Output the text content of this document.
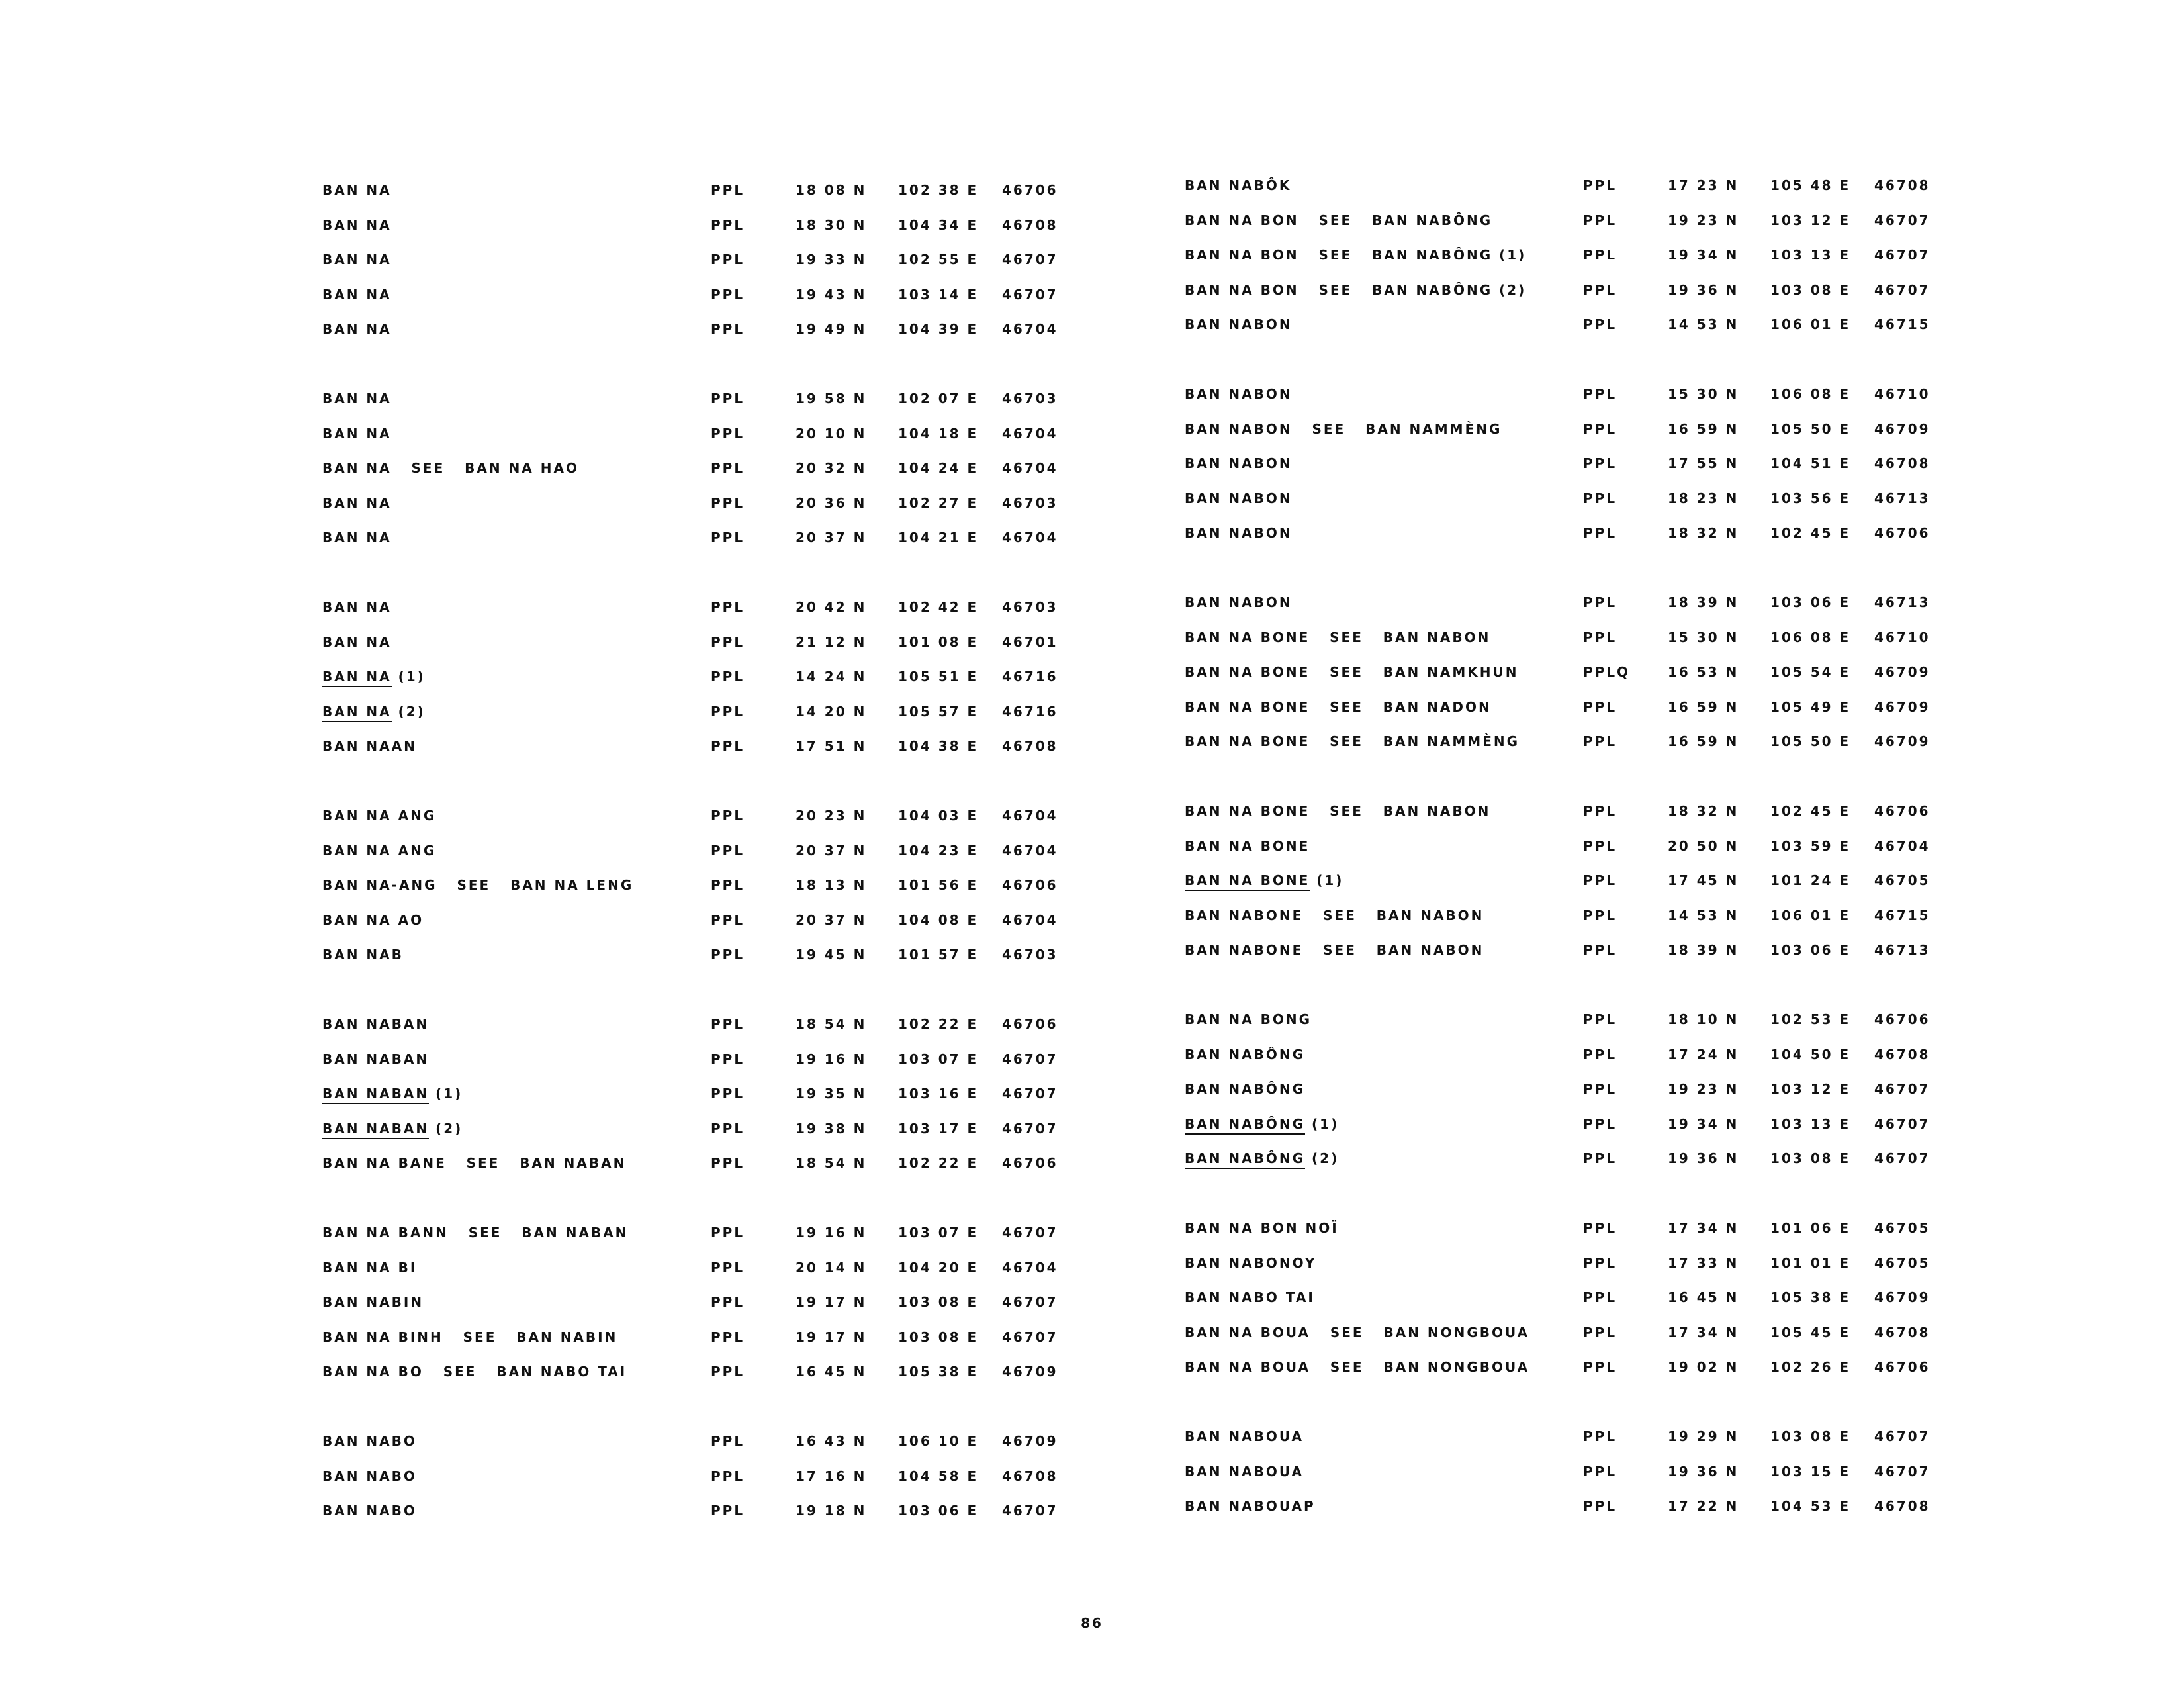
BAN NA	PPL	18 08 N 102 38 E 46706
BAN NA	PPL	18 30 N 104 34 E 46708
BAN NA	PPL	19 33 N 102 55 E 46707
BAN NA	PPL	19 43 N 103 14 E 46707
BAN NA	PPL	19 49 N 104 39 E 46704
BAN NA	PPL	19 58 N 102 07 E 46703
BAN NA	PPL	20 10 N 104 18 E 46704
BAN NA   SEE   BAN NA HAO	PPL	20 32 N 104 24 E 46704
BAN NA	PPL	20 36 N 102 27 E 46703
BAN NA	PPL	20 37 N 104 21 E 46704
BAN NA	PPL	20 42 N 102 42 E 46703
BAN NA	PPL	21 12 N 101 08 E 46701
BAN NA (1)	PPL	14 24 N 105 51 E 46716
BAN NA (2)	PPL	14 20 N 105 57 E 46716
BAN NAAN	PPL	17 51 N 104 38 E 46708
BAN NA ANG	PPL	20 23 N 104 03 E 46704
BAN NA ANG	PPL	20 37 N 104 23 E 46704
BAN NA-ANG   SEE   BAN NA LENG	PPL	18 13 N 101 56 E 46706
BAN NA AO	PPL	20 37 N 104 08 E 46704
BAN NAB	PPL	19 45 N 101 57 E 46703
BAN NABAN	PPL	18 54 N 102 22 E 46706
BAN NABAN	PPL	19 16 N 103 07 E 46707
BAN NABAN (1)	PPL	19 35 N 103 16 E 46707
BAN NABAN (2)	PPL	19 38 N 103 17 E 46707
BAN NA BANE   SEE   BAN NABAN	PPL	18 54 N 102 22 E 46706
BAN NA BANN   SEE   BAN NABAN	PPL	19 16 N 103 07 E 46707
BAN NA BI	PPL	20 14 N 104 20 E 46704
BAN NABIN	PPL	19 17 N 103 08 E 46707
BAN NA BINH   SEE   BAN NABIN	PPL	19 17 N 103 08 E 46707
BAN NA BO   SEE   BAN NABO TAI	PPL	16 45 N 105 38 E 46709
BAN NABO	PPL	16 43 N 106 10 E 46709
BAN NABO	PPL	17 16 N 104 58 E 46708
BAN NABO	PPL	19 18 N 103 06 E 46707
BAN NABÔK	PPL	17 23 N 105 48 E 46708
BAN NA BON   SEE   BAN NABÔNG	PPL	19 23 N 103 12 E 46707
BAN NA BON   SEE   BAN NABÔNG (1)	PPL	19 34 N 103 13 E 46707
BAN NA BON   SEE   BAN NABÔNG (2)	PPL	19 36 N 103 08 E 46707
BAN NABON	PPL	14 53 N 106 01 E 46715
BAN NABON	PPL	15 30 N 106 08 E 46710
BAN NABON   SEE   BAN NAMMÈNG	PPL	16 59 N 105 50 E 46709
BAN NABON	PPL	17 55 N 104 51 E 46708
BAN NABON	PPL	18 23 N 103 56 E 46713
BAN NABON	PPL	18 32 N 102 45 E 46706
BAN NABON	PPL	18 39 N 103 06 E 46713
BAN NA BONE   SEE   BAN NABON	PPL	15 30 N 106 08 E 46710
BAN NA BONE   SEE   BAN NAMKHUN	PPLQ	16 53 N 105 54 E 46709
BAN NA BONE   SEE   BAN NADON	PPL	16 59 N 105 49 E 46709
BAN NA BONE   SEE   BAN NAMMÈNG	PPL	16 59 N 105 50 E 46709
BAN NA BONE   SEE   BAN NABON	PPL	18 32 N 102 45 E 46706
BAN NA BONE	PPL	20 50 N 103 59 E 46704
BAN NA BONE (1)	PPL	17 45 N 101 24 E 46705
BAN NABONE   SEE   BAN NABON	PPL	14 53 N 106 01 E 46715
BAN NABONE   SEE   BAN NABON	PPL	18 39 N 103 06 E 46713
BAN NA BONG	PPL	18 10 N 102 53 E 46706
BAN NABÔNG	PPL	17 24 N 104 50 E 46708
BAN NABÔNG	PPL	19 23 N 103 12 E 46707
BAN NABÔNG (1)	PPL	19 34 N 103 13 E 46707
BAN NABÔNG (2)	PPL	19 36 N 103 08 E 46707
BAN NA BON NOÏ	PPL	17 34 N 101 06 E 46705
BAN NABONOY	PPL	17 33 N 101 01 E 46705
BAN NABO TAI	PPL	16 45 N 105 38 E 46709
BAN NA BOUA   SEE   BAN NONGBOUA	PPL	17 34 N 105 45 E 46708
BAN NA BOUA   SEE   BAN NONGBOUA	PPL	19 02 N 102 26 E 46706
BAN NABOUA	PPL	19 29 N 103 08 E 46707
BAN NABOUA	PPL	19 36 N 103 15 E 46707
BAN NABOUAP	PPL	17 22 N 104 53 E 46708
86
